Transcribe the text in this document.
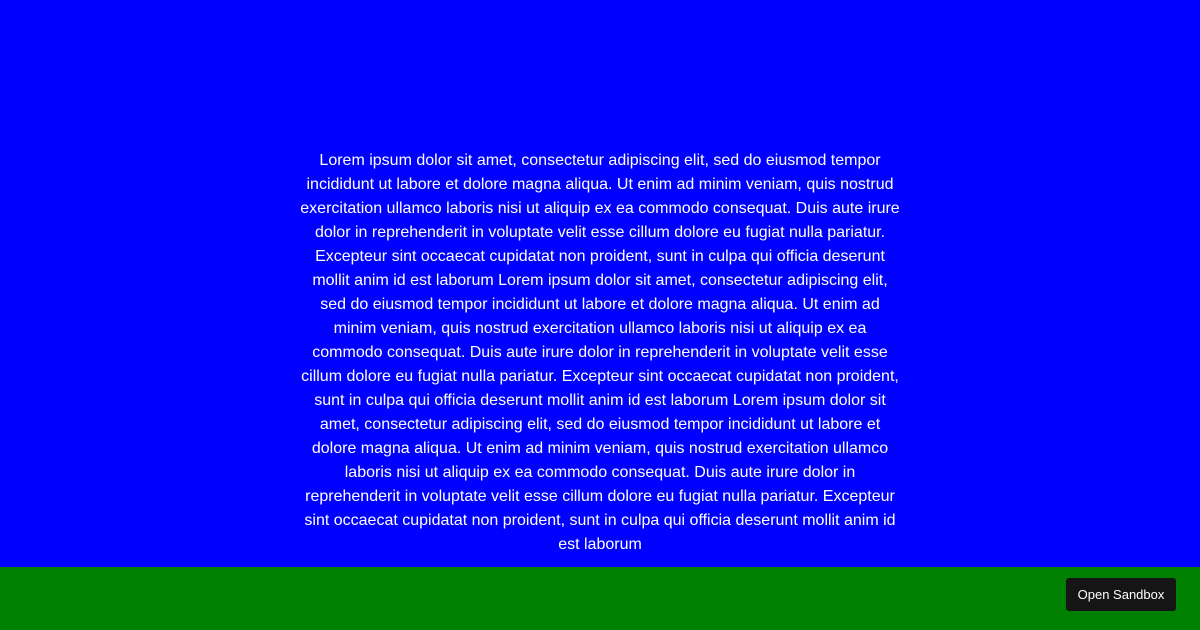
Lorem ipsum dolor sit amet, consectetur adipiscing elit, sed do eiusmod tempor incididunt ut labore et dolore magna aliqua. Ut enim ad minim veniam, quis nostrud exercitation ullamco laboris nisi ut aliquip ex ea commodo consequat. Duis aute irure dolor in reprehenderit in voluptate velit esse cillum dolore eu fugiat nulla pariatur. Excepteur sint occaecat cupidatat non proident, sunt in culpa qui officia deserunt mollit anim id est laborum Lorem ipsum dolor sit amet, consectetur adipiscing elit, sed do eiusmod tempor incididunt ut labore et dolore magna aliqua. Ut enim ad minim veniam, quis nostrud exercitation ullamco laboris nisi ut aliquip ex ea commodo consequat. Duis aute irure dolor in reprehenderit in voluptate velit esse cillum dolore eu fugiat nulla pariatur. Excepteur sint occaecat cupidatat non proident, sunt in culpa qui officia deserunt mollit anim id est laborum Lorem ipsum dolor sit amet, consectetur adipiscing elit, sed do eiusmod tempor incididunt ut labore et dolore magna aliqua. Ut enim ad minim veniam, quis nostrud exercitation ullamco laboris nisi ut aliquip ex ea commodo consequat. Duis aute irure dolor in reprehenderit in voluptate velit esse cillum dolore eu fugiat nulla pariatur. Excepteur sint occaecat cupidatat non proident, sunt in culpa qui officia deserunt mollit anim id est laborum

Open Sandbox
